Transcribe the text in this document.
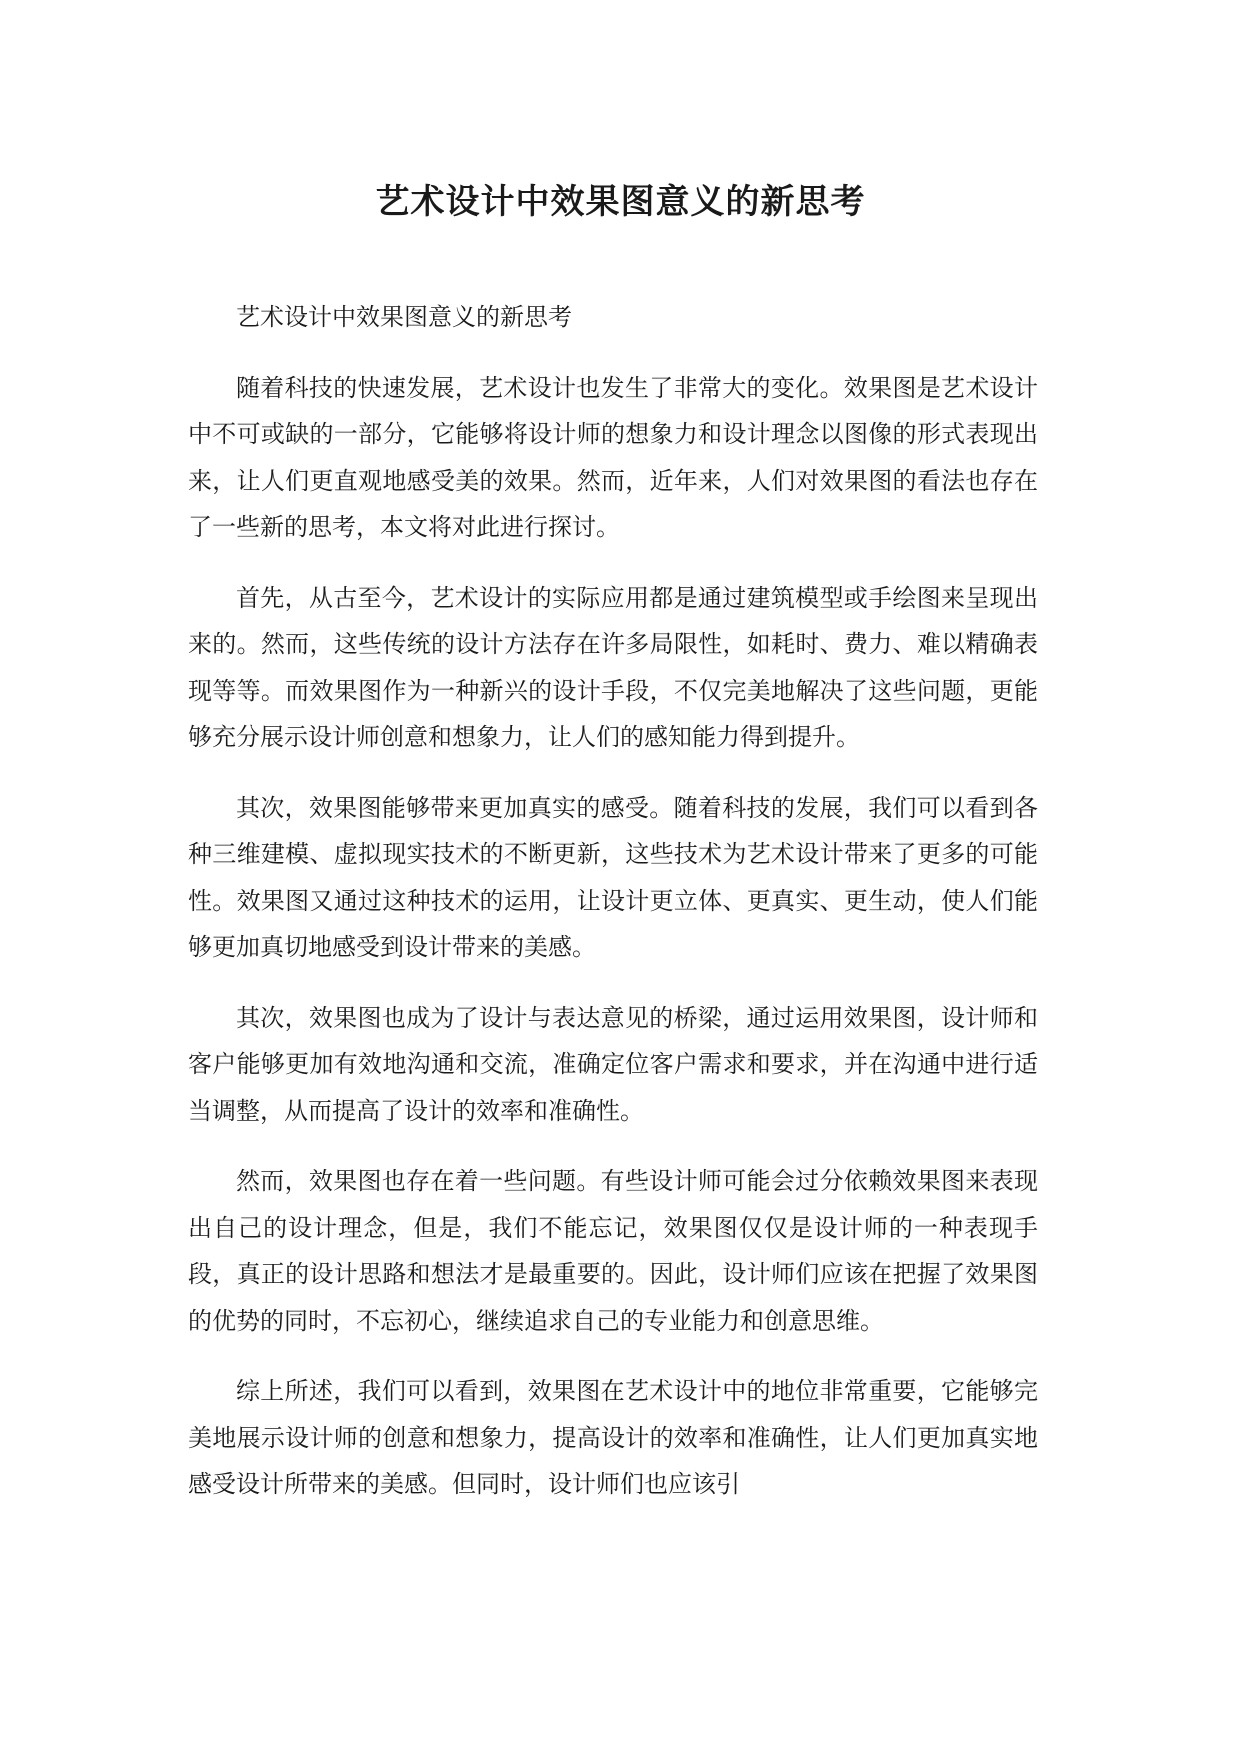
艺术设计中效果图意义的新思考

艺术设计中效果图意义的新思考

随着科技的快速发展，艺术设计也发生了非常大的变化。效果图是艺术设计中不可或缺的一部分，它能够将设计师的想象力和设计理念以图像的形式表现出来，让人们更直观地感受美的效果。然而，近年来，人们对效果图的看法也存在了一些新的思考，本文将对此进行探讨。

首先，从古至今，艺术设计的实际应用都是通过建筑模型或手绘图来呈现出来的。然而，这些传统的设计方法存在许多局限性，如耗时、费力、难以精确表现等等。而效果图作为一种新兴的设计手段，不仅完美地解决了这些问题，更能够充分展示设计师创意和想象力，让人们的感知能力得到提升。

其次，效果图能够带来更加真实的感受。随着科技的发展，我们可以看到各种三维建模、虚拟现实技术的不断更新，这些技术为艺术设计带来了更多的可能性。效果图又通过这种技术的运用，让设计更立体、更真实、更生动，使人们能够更加真切地感受到设计带来的美感。

其次，效果图也成为了设计与表达意见的桥梁，通过运用效果图，设计师和客户能够更加有效地沟通和交流，准确定位客户需求和要求，并在沟通中进行适当调整，从而提高了设计的效率和准确性。

然而，效果图也存在着一些问题。有些设计师可能会过分依赖效果图来表现出自己的设计理念，但是，我们不能忘记，效果图仅仅是设计师的一种表现手段，真正的设计思路和想法才是最重要的。因此，设计师们应该在把握了效果图的优势的同时，不忘初心，继续追求自己的专业能力和创意思维。

综上所述，我们可以看到，效果图在艺术设计中的地位非常重要，它能够完美地展示设计师的创意和想象力，提高设计的效率和准确性，让人们更加真实地感受设计所带来的美感。但同时，设计师们也应该引
